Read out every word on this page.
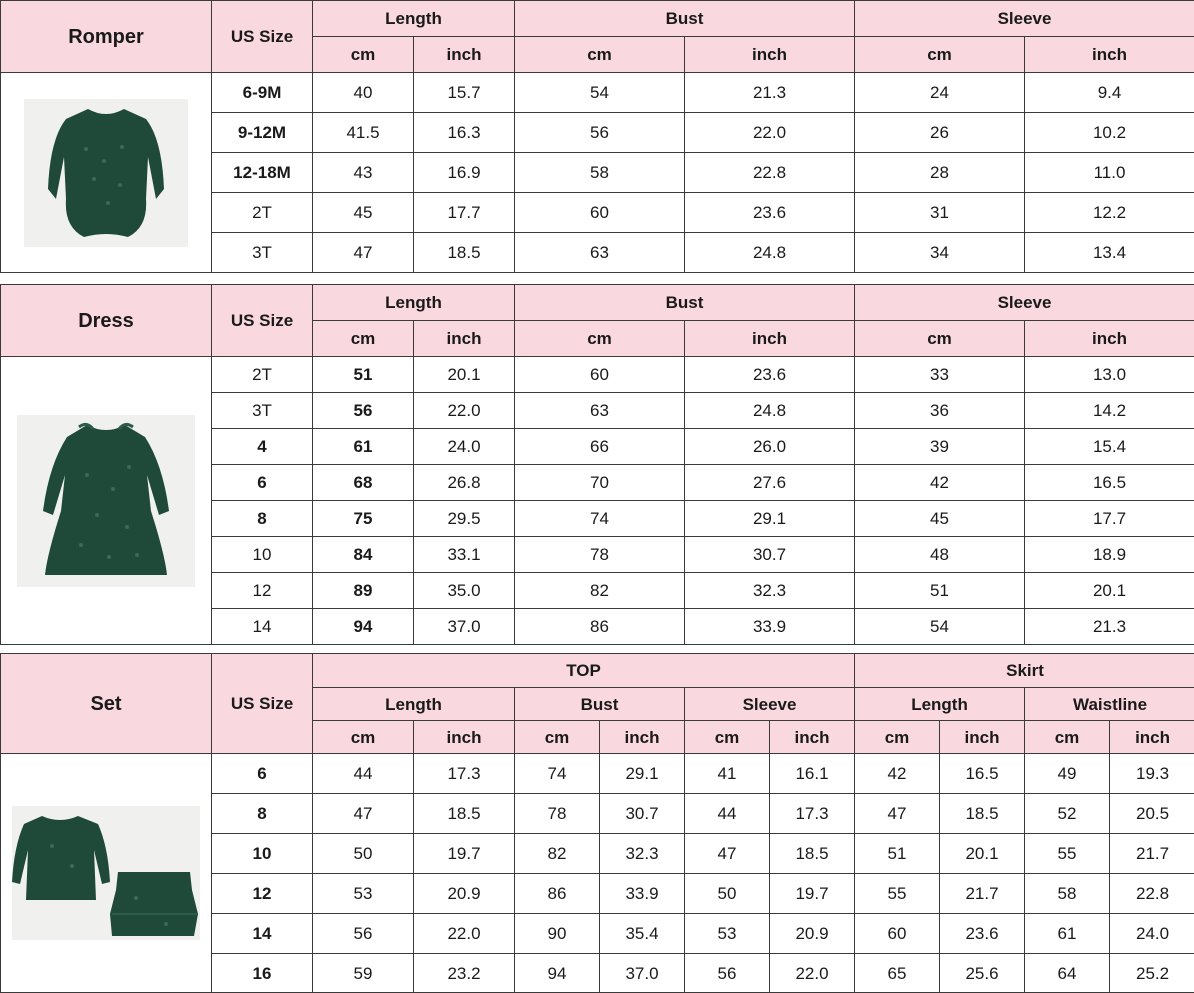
Romper	US Size	Length		Bust		Sleeve	
		cm	inch	cm	inch	cm	inch

	6-9M	40	15.7	54	21.3	24	9.4
	9-12M	41.5	16.3	56	22.0	26	10.2
	12-18M	43	16.9	58	22.8	28	11.0
	2T	45	17.7	60	23.6	31	12.2
	3T	47	18.5	63	24.8	34	13.4
Dress	US Size	Length		Bust		Sleeve	
		cm	inch	cm	inch	cm	inch

	2T	51	20.1	60	23.6	33	13.0
	3T	56	22.0	63	24.8	36	14.2
	4	61	24.0	66	26.0	39	15.4
	6	68	26.8	70	27.6	42	16.5
	8	75	29.5	74	29.1	45	17.7
	10	84	33.1	78	30.7	48	18.9
	12	89	35.0	82	32.3	51	20.1
	14	94	37.0	86	33.9	54	21.3
Set	US Size	TOP						Skirt			
		Length		Bust		Sleeve		Length		Waistline	
		cm	inch	cm	inch	cm	inch	cm	inch	cm	inch

	6	44	17.3	74	29.1	41	16.1	42	16.5	49	19.3
	8	47	18.5	78	30.7	44	17.3	47	18.5	52	20.5
	10	50	19.7	82	32.3	47	18.5	51	20.1	55	21.7
	12	53	20.9	86	33.9	50	19.7	55	21.7	58	22.8
	14	56	22.0	90	35.4	53	20.9	60	23.6	61	24.0
	16	59	23.2	94	37.0	56	22.0	65	25.6	64	25.2
